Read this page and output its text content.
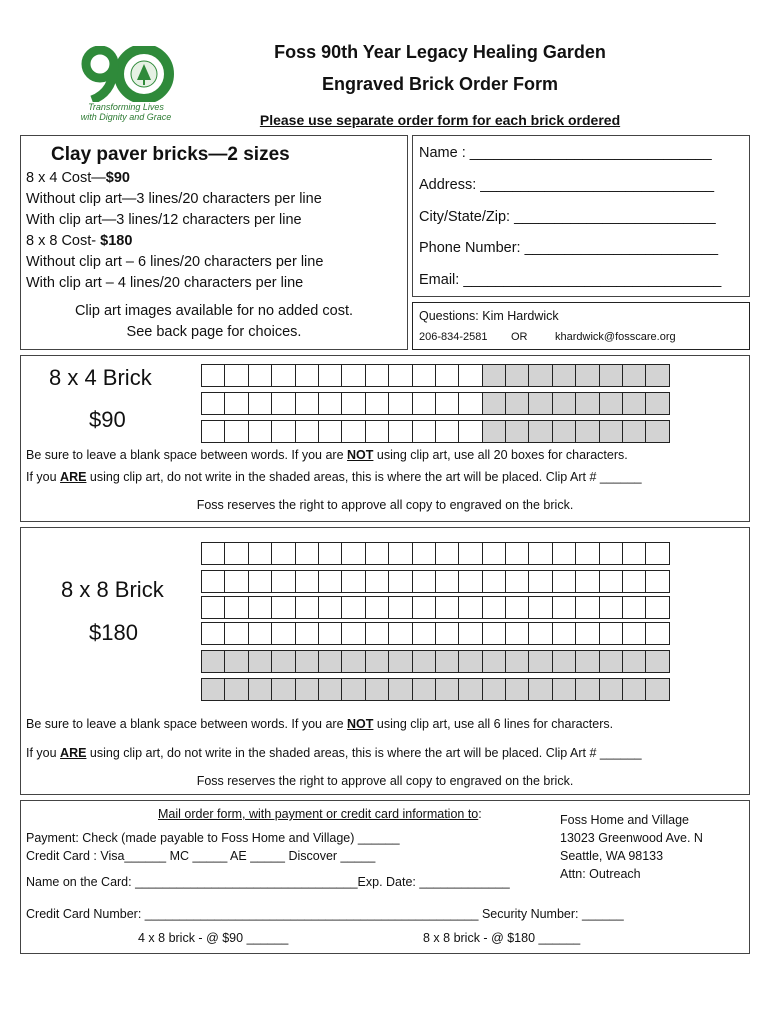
Transforming Lives
with Dignity and Grace
Foss 90th Year Legacy Healing Garden
Engraved Brick Order Form
Please use separate order form for each brick ordered
Clay paver bricks—2 sizes
8 x 4 Cost—$90
Without clip art—3 lines/20 characters per line
With clip art—3 lines/12 characters per line
8 x 8 Cost- $180
Without clip art – 6 lines/20 characters per line
With clip art – 4 lines/20 characters per line
Clip art images available for no added cost.
See back page for choices.
Name : ______________________________
Address: _____________________________
City/State/Zip: _________________________
Phone Number: ________________________
Email: ________________________________
Questions: Kim Hardwick
206-834-2581 OR	khardwick@fosscare.org
8 x 4 Brick
$90
Be sure to leave a blank space between words. If you are NOT using clip art, use all 20 boxes for characters.
If you ARE using clip art, do not write in the shaded areas, this is where the art will be placed. Clip Art # ______
Foss reserves the right to approve all copy to engraved on the brick.
8 x 8 Brick
$180
Be sure to leave a blank space between words. If you are NOT using clip art, use all 6 lines for characters.
If you ARE using clip art, do not write in the shaded areas, this is where the art will be placed. Clip Art # ______
Foss reserves the right to approve all copy to engraved on the brick.
Mail order form, with payment or credit card information to:
Payment: Check (made payable to Foss Home and Village) ______
Credit Card : Visa______ MC _____ AE _____ Discover _____
Name on the Card: ________________________________Exp. Date: _____________
Credit Card Number: ________________________________________________ Security Number: ______
4 x 8 brick - @ $90 ______	8 x 8 brick - @ $180 ______
Foss Home and Village
13023 Greenwood Ave. N
Seattle, WA 98133
Attn: Outreach
